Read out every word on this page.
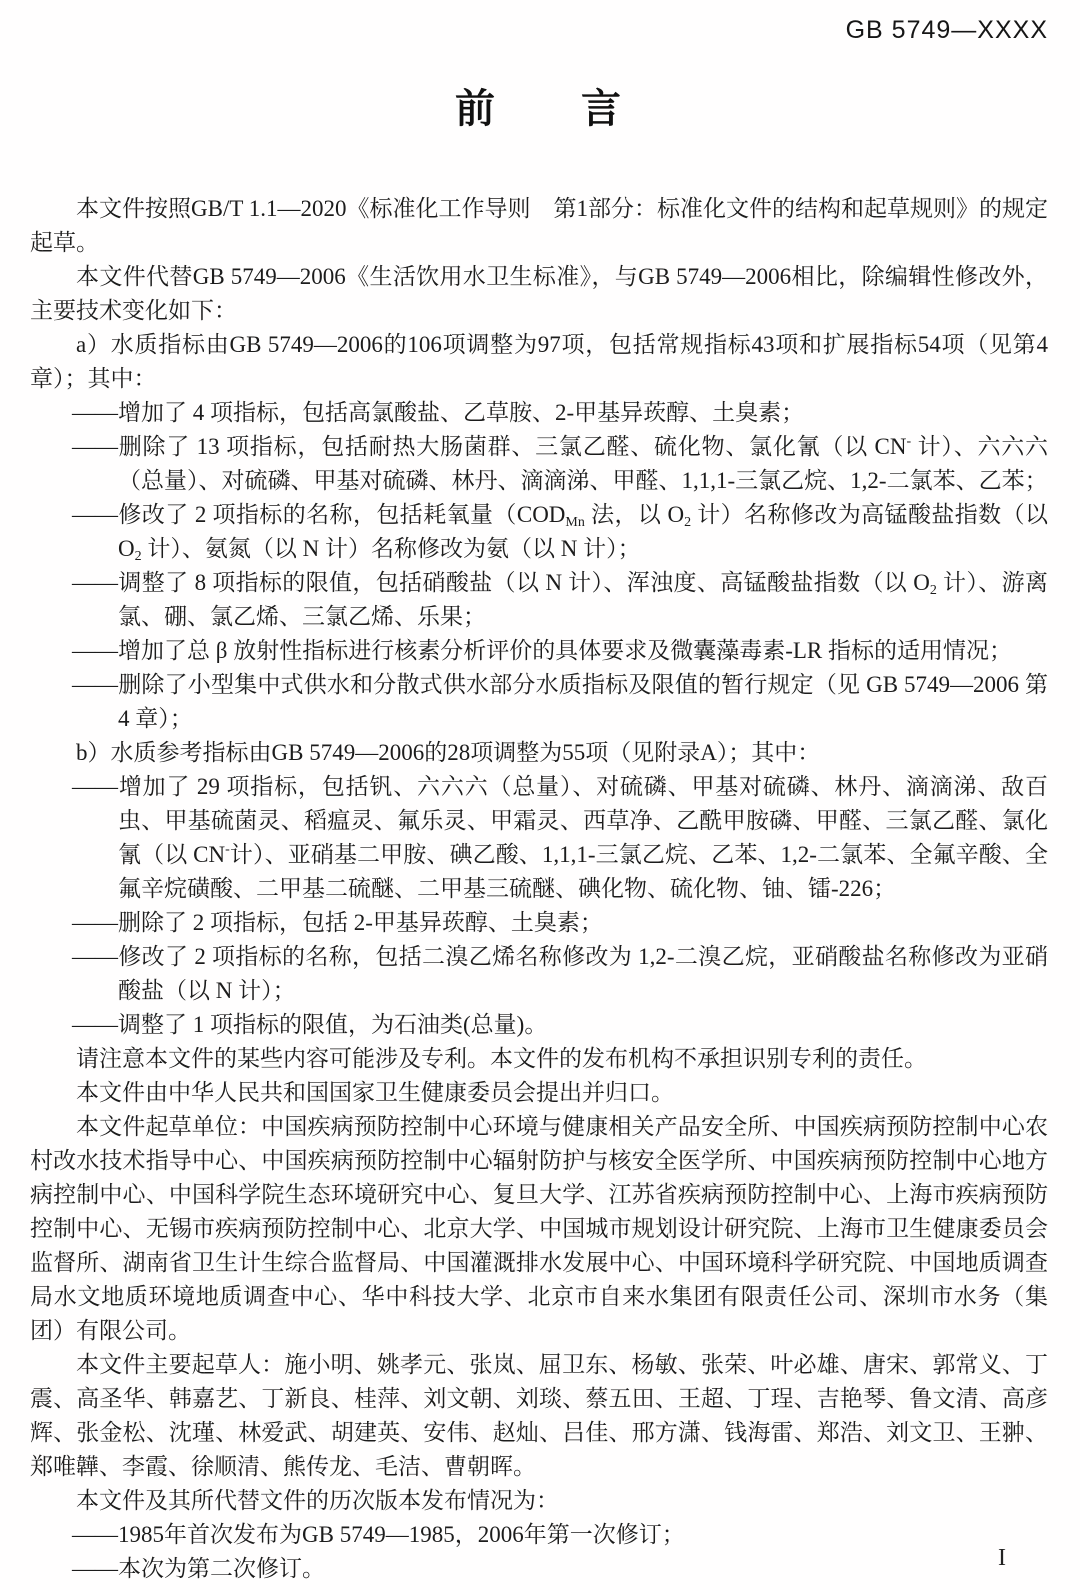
GB 5749—XXXX
前　　言
本文件按照GB/T 1.1—2020《标准化工作导则　第1部分：标准化文件的结构和起草规则》的规定起草。
本文件代替GB 5749—2006《生活饮用水卫生标准》，与GB 5749—2006相比，除编辑性修改外，主要技术变化如下：
a）水质指标由GB 5749—2006的106项调整为97项，包括常规指标43项和扩展指标54项（见第4章）；其中：
——增加了 4 项指标，包括高氯酸盐、乙草胺、2-甲基异莰醇、土臭素；
——删除了 13 项指标，包括耐热大肠菌群、三氯乙醛、硫化物、氯化氰（以 CN- 计）、六六六（总量）、对硫磷、甲基对硫磷、林丹、滴滴涕、甲醛、1,1,1-三氯乙烷、1,2-二氯苯、乙苯；
——修改了 2 项指标的名称，包括耗氧量（$COD_{Mn}$ 法，以 $O_2$ 计）名称修改为高锰酸盐指数（以 $O_2$ 计）、氨氮（以 N 计）名称修改为氨（以 N 计）；
——调整了 8 项指标的限值，包括硝酸盐（以 N 计）、浑浊度、高锰酸盐指数（以 $O_2$ 计）、游离氯、硼、氯乙烯、三氯乙烯、乐果；
——增加了总 β 放射性指标进行核素分析评价的具体要求及微囊藻毒素-LR 指标的适用情况；
——删除了小型集中式供水和分散式供水部分水质指标及限值的暂行规定（见 GB 5749—2006 第 4 章）；
b）水质参考指标由GB 5749—2006的28项调整为55项（见附录A）；其中：
——增加了 29 项指标，包括钒、六六六（总量）、对硫磷、甲基对硫磷、林丹、滴滴涕、敌百虫、甲基硫菌灵、稻瘟灵、氟乐灵、甲霜灵、西草净、乙酰甲胺磷、甲醛、三氯乙醛、氯化氰（以 CN-计）、亚硝基二甲胺、碘乙酸、1,1,1-三氯乙烷、乙苯、1,2-二氯苯、全氟辛酸、全氟辛烷磺酸、二甲基二硫醚、二甲基三硫醚、碘化物、硫化物、铀、镭-226；
——删除了 2 项指标，包括 2-甲基异莰醇、土臭素；
——修改了 2 项指标的名称，包括二溴乙烯名称修改为 1,2-二溴乙烷，亚硝酸盐名称修改为亚硝酸盐（以 N 计）；
——调整了 1 项指标的限值，为石油类(总量)。
请注意本文件的某些内容可能涉及专利。本文件的发布机构不承担识别专利的责任。
本文件由中华人民共和国国家卫生健康委员会提出并归口。
本文件起草单位：中国疾病预防控制中心环境与健康相关产品安全所、中国疾病预防控制中心农村改水技术指导中心、中国疾病预防控制中心辐射防护与核安全医学所、中国疾病预防控制中心地方病控制中心、中国科学院生态环境研究中心、复旦大学、江苏省疾病预防控制中心、上海市疾病预防控制中心、无锡市疾病预防控制中心、北京大学、中国城市规划设计研究院、上海市卫生健康委员会监督所、湖南省卫生计生综合监督局、中国灌溉排水发展中心、中国环境科学研究院、中国地质调查局水文地质环境地质调查中心、华中科技大学、北京市自来水集团有限责任公司、深圳市水务（集团）有限公司。
本文件主要起草人：施小明、姚孝元、张岚、屈卫东、杨敏、张荣、叶必雄、唐宋、郭常义、丁震、高圣华、韩嘉艺、丁新良、桂萍、刘文朝、刘琰、蔡五田、王超、丁珵、吉艳琴、鲁文清、高彦辉、张金松、沈瑾、林爱武、胡建英、安伟、赵灿、吕佳、邢方潇、钱海雷、郑浩、刘文卫、王翀、郑唯韡、李霞、徐顺清、熊传龙、毛洁、曹朝晖。
本文件及其所代替文件的历次版本发布情况为：
——1985年首次发布为GB 5749—1985，2006年第一次修订；
——本次为第二次修订。	I
